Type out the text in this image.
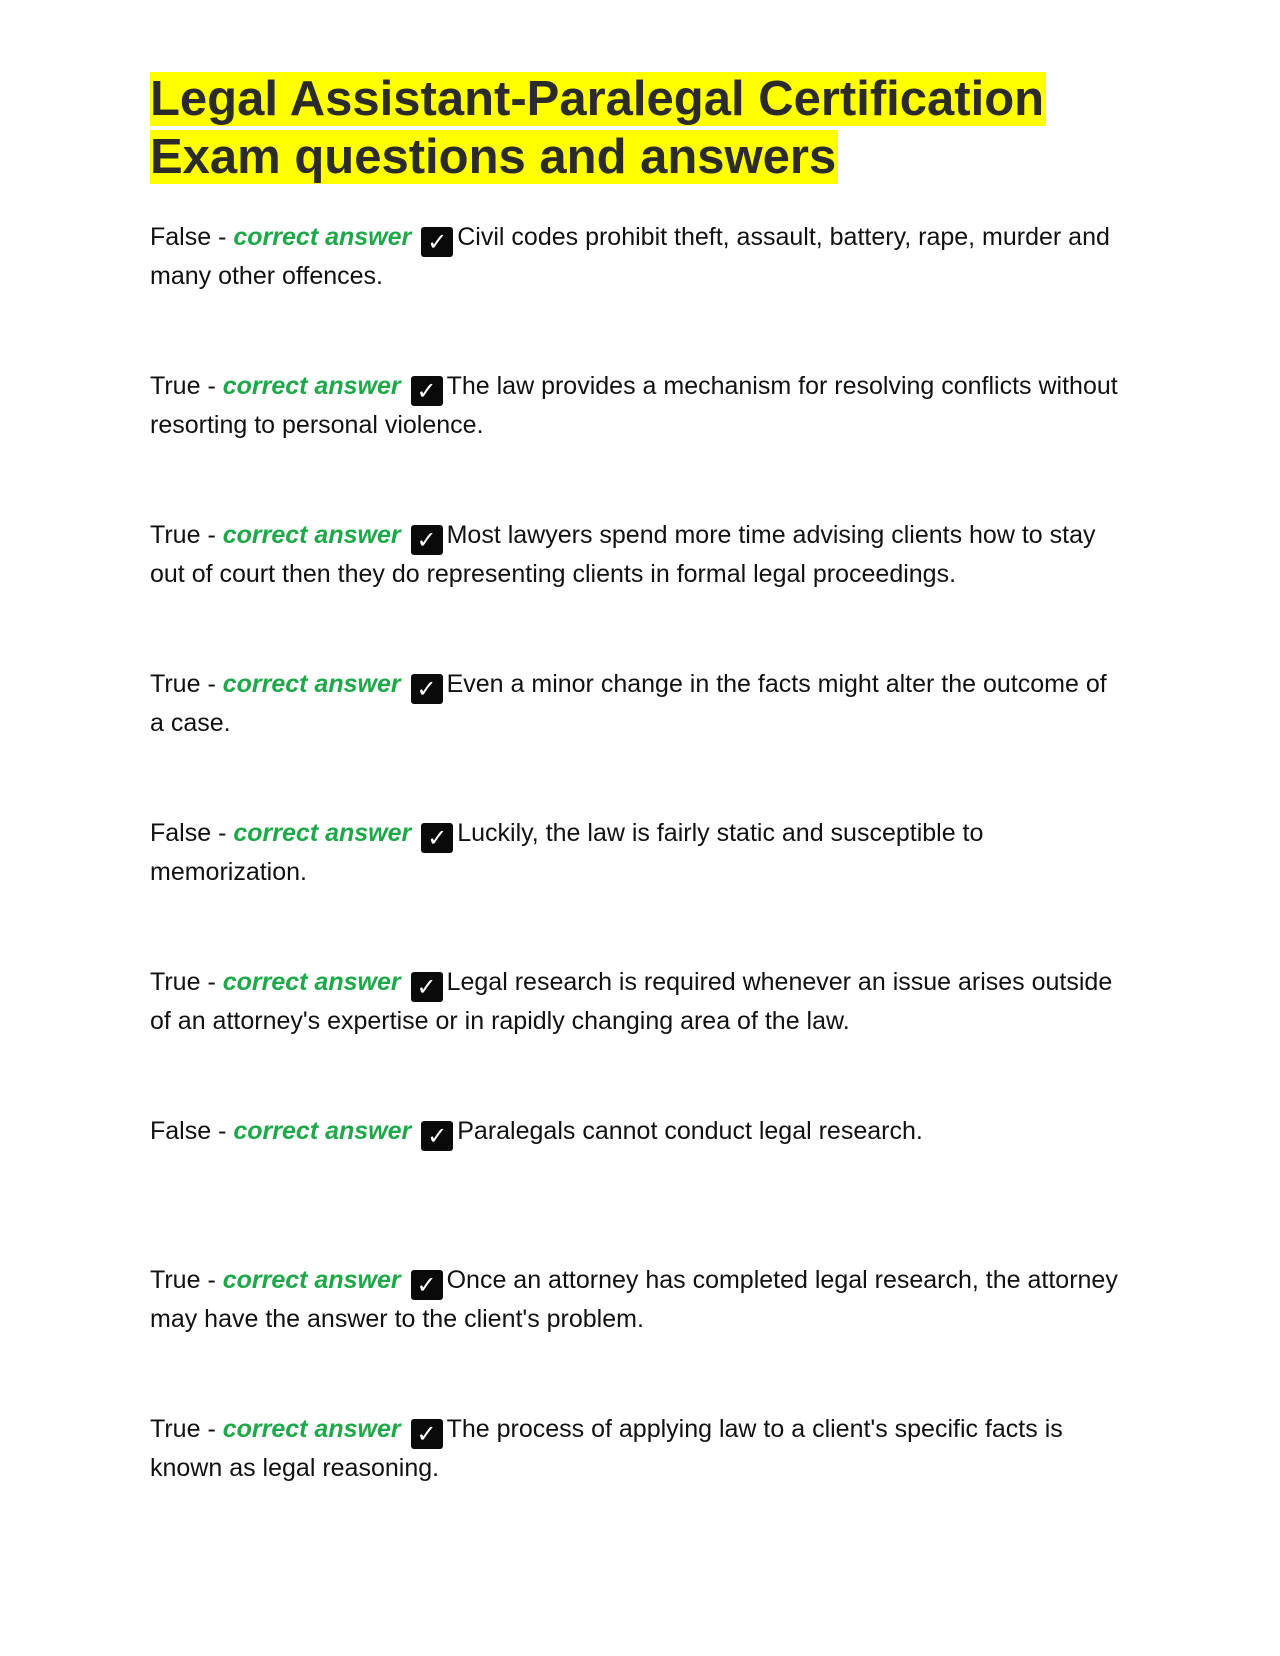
Legal Assistant-Paralegal Certification
Exam questions and answers
False - correct answer ✓ Civil codes prohibit theft, assault, battery, rape, murder and many other offences.
True - correct answer ✓ The law provides a mechanism for resolving conflicts without resorting to personal violence.
True - correct answer ✓ Most lawyers spend more time advising clients how to stay out of court then they do representing clients in formal legal proceedings.
True - correct answer ✓ Even a minor change in the facts might alter the outcome of a case.
False - correct answer ✓ Luckily, the law is fairly static and susceptible to memorization.
True - correct answer ✓ Legal research is required whenever an issue arises outside of an attorney's expertise or in rapidly changing area of the law.
False - correct answer ✓ Paralegals cannot conduct legal research.
True - correct answer ✓ Once an attorney has completed legal research, the attorney may have the answer to the client's problem.
True - correct answer ✓ The process of applying law to a client's specific facts is known as legal reasoning.
